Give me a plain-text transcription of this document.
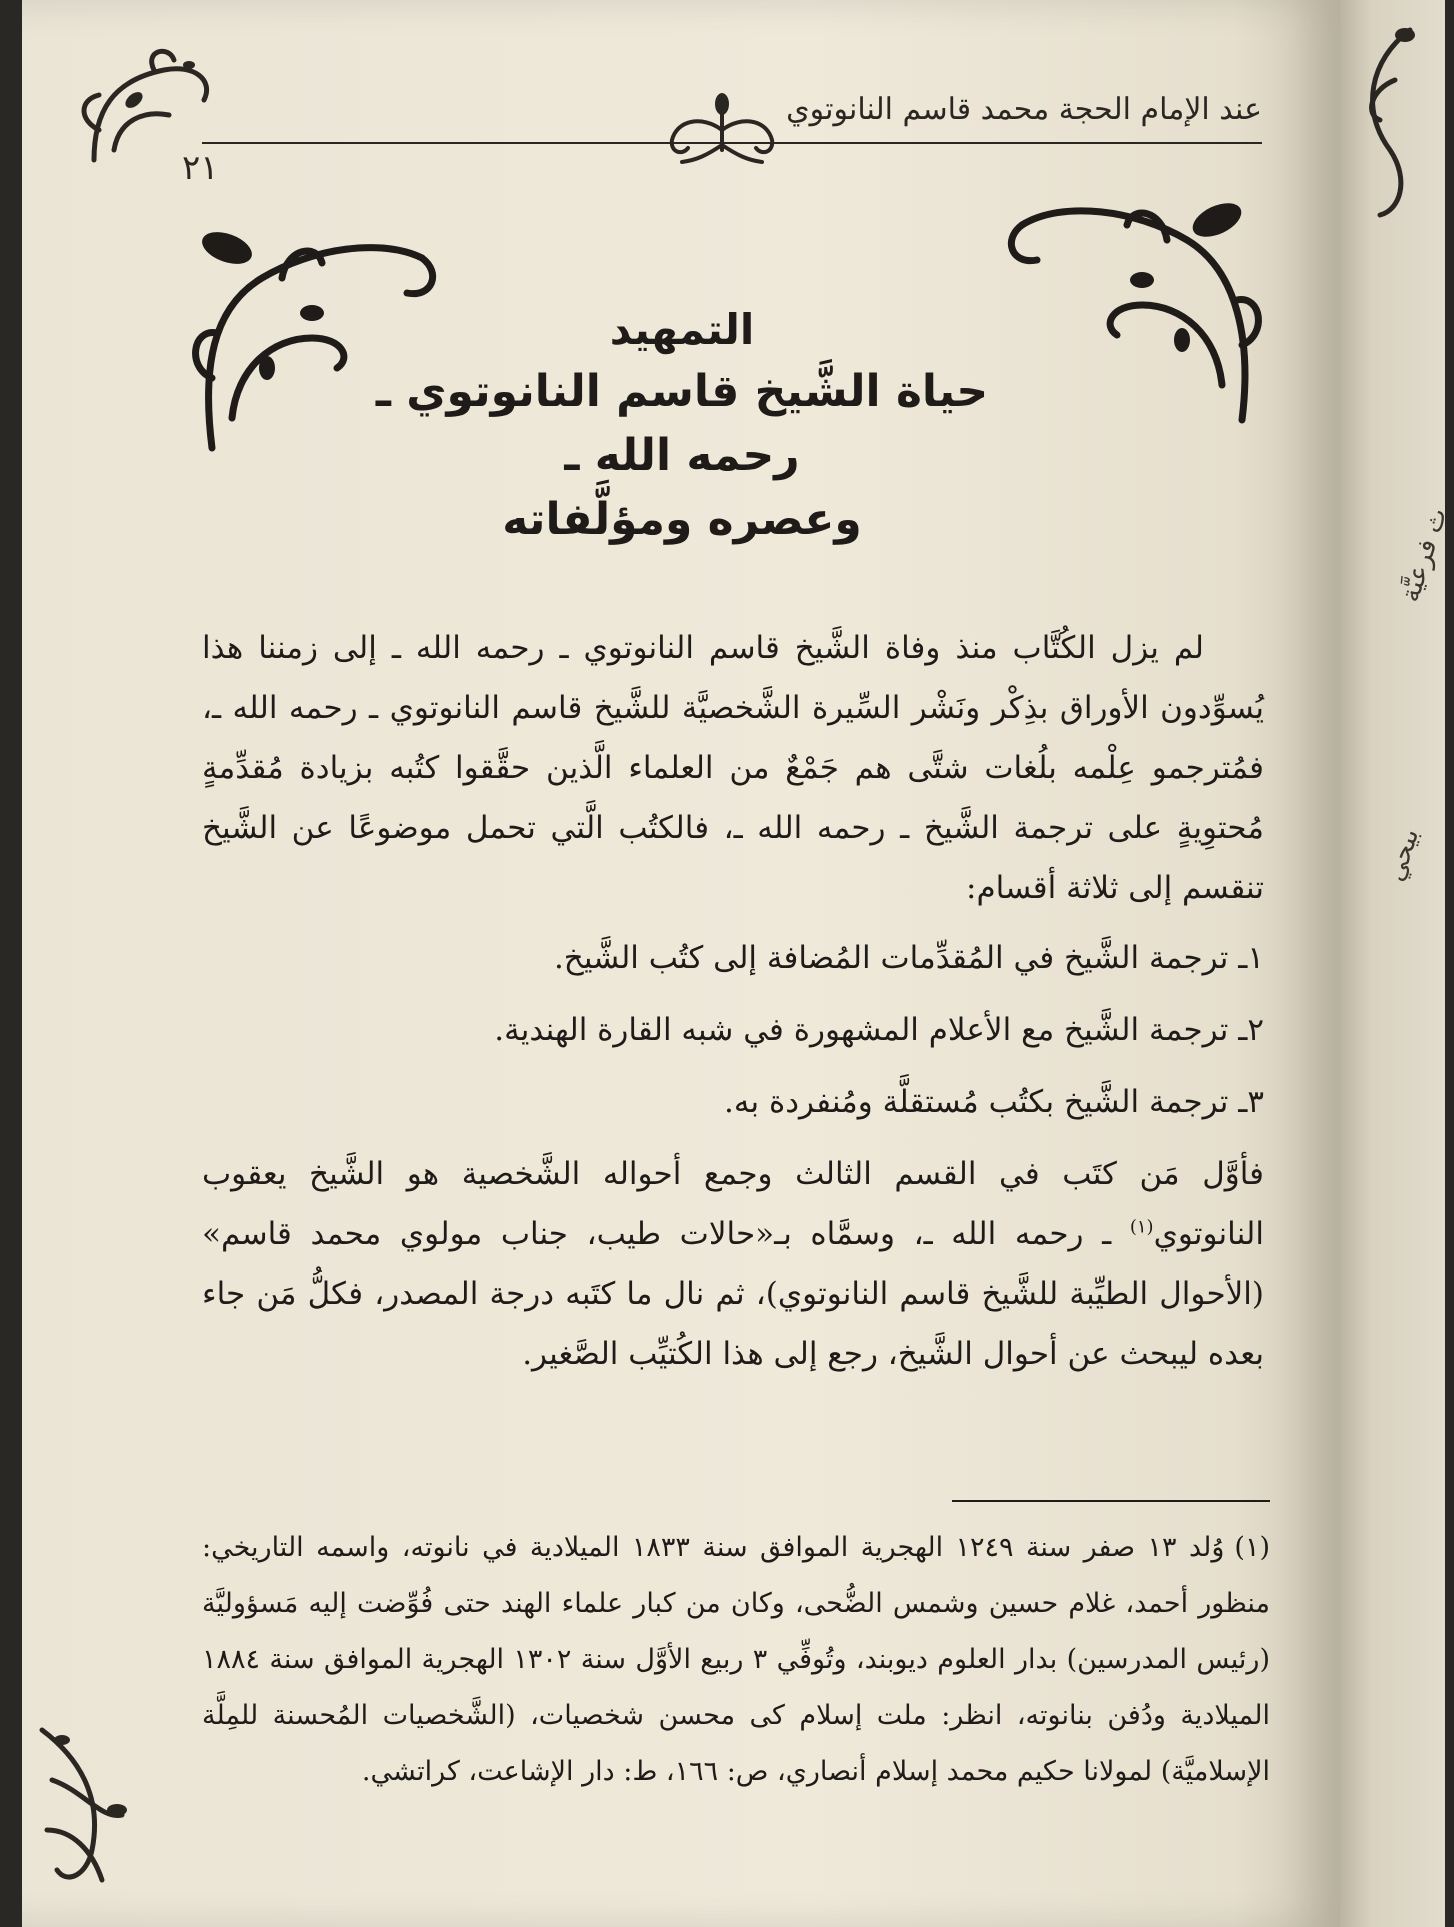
عند الإمام الحجة محمد قاسم النانوتوي
٢١
التمهيد
حياة الشَّيخ قاسم النانوتوي ـ رحمه الله ـ
وعصره ومؤلَّفاته

لم يزل الكُتَّاب منذ وفاة الشَّيخ قاسم النانوتوي ـ رحمه الله ـ إلى زمننا هذا يُسوِّدون الأوراق بذِكْر ونَشْر السِّيرة الشَّخصيَّة للشَّيخ قاسم النانوتوي ـ رحمه الله ـ، فمُترجمو عِلْمه بلُغات شتَّى هم جَمْعٌ من العلماء الَّذين حقَّقوا كتُبه بزيادة مُقدِّمةٍ مُحتوِيةٍ على ترجمة الشَّيخ ـ رحمه الله ـ، فالكتُب الَّتي تحمل موضوعًا عن الشَّيخ تنقسم إلى ثلاثة أقسام:

١ـ ترجمة الشَّيخ في المُقدِّمات المُضافة إلى كتُب الشَّيخ.
٢ـ ترجمة الشَّيخ مع الأعلام المشهورة في شبه القارة الهندية.
٣ـ ترجمة الشَّيخ بكتُب مُستقلَّة ومُنفردة به.

فأوَّل مَن كتَب في القسم الثالث وجمع أحواله الشَّخصية هو الشَّيخ يعقوب النانوتوي$^{(١)}$ ـ رحمه الله ـ، وسمَّاه بـ«حالات طيب، جناب مولوي محمد قاسم» (الأحوال الطيِّبة للشَّيخ قاسم النانوتوي)، ثم نال ما كتَبه درجة المصدر، فكلُّ مَن جاء بعده ليبحث عن أحوال الشَّيخ، رجع إلى هذا الكُتيِّب الصَّغير.

(١)وُلد ١٣ صفر سنة ١٢٤٩ الهجرية الموافق سنة ١٨٣٣ الميلادية في نانوته، واسمه التاريخي: منظور أحمد، غلام حسين وشمس الضُّحى، وكان من كبار علماء الهند حتى فُوِّضت إليه مَسؤوليَّة (رئيس المدرسين) بدار العلوم ديوبند، وتُوفِّي ٣ ربيع الأوَّل سنة ١٣٠٢ الهجرية الموافق سنة ١٨٨٤ الميلادية ودُفن بنانوته، انظر: ملت إسلام كى محسن شخصيات، (الشَّخصيات المُحسنة للمِلَّة الإسلاميَّة) لمولانا حكيم محمد إسلام أنصاري، ص: ١٦٦، ط: دار الإشاعت، كراتشي.

ث فرعيَّة
بيحي
